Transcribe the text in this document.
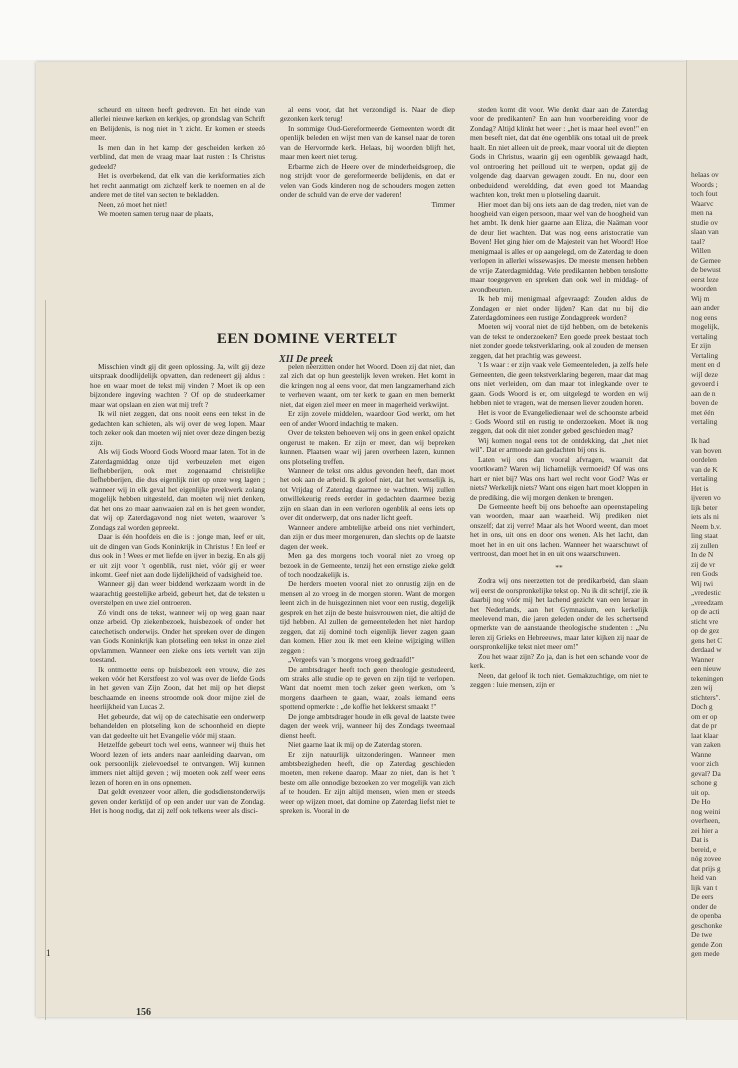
scheurd en uiteen heeft gedreven. En het einde van allerlei nieuwe kerken en kerkjes, op grondslag van Schrift en Belijdenis, is nog niet in 't zicht. Er komen er steeds meer.

Is men dan in het kamp der gescheiden kerken zó verblind, dat men de vraag maar laat rusten : Is Christus gedeeld?

Het is overbekend, dat elk van die kerkformaties zich het recht aanmatigt om zichzelf kerk te noemen en al de andere met de titel van secten te bekladden.

Neen, zó moet het niet!

We moeten samen terug naar de plaats,

al eens voor, dat het verzondigd is. Naar de diep gezonken kerk terug!

In sommige Oud-Gereformeerde Gemeenten wordt dit openlijk beleden en wijst men van de kansel naar de toren van de Hervormde kerk. Helaas, bij woorden blijft het, maar men keert niet terug.

Erbarme zich de Heere over de minderheidsgroep, die nog strijdt voor de gereformeerde belijdenis, en dat er velen van Gods kinderen nog de schouders mogen zetten onder de schuld van de erve der vaderen!

Timmer

EEN DOMINE VERTELT
XII De preek

Misschien vindt gij dit geen oplossing. Ja, wilt gij deze uitspraak doodlijdelijk opvatten, dan redeneert gij aldus : hoe en waar moet de tekst mij vinden ? Moet ik op een bijzondere ingeving wachten ? Of op de studeerkamer maar wat opslaan en zien wat mij treft ?

Ik wil niet zeggen, dat ons nooit eens een tekst in de gedachten kan schieten, als wij over de weg lopen. Maar toch zeker ook dan moeten wij niet over deze dingen bezig zijn.

Als wij Gods Woord Gods Woord maar laten. Tot in de Zaterdagmiddag onze tijd verbeuzelen met eigen liefhebberijen, ook met zogenaamd christelijke liefhebberijen, die dus eigenlijk niet op onze weg lagen ; wanneer wij in elk geval het eigenlijke preekwerk zolang mogelijk hebben uitgesteld, dan moeten wij niet denken, dat het ons zo maar aanwaaien zal en is het geen wonder, dat wij op Zaterdagavond nog niet weten, waarover 's Zondags zal worden gepreekt.

Daar is één hoofdeis en die is : jonge man, leef er uit, uit de dingen van Gods Koninkrijk in Christus ! En leef er dus ook in ! Wees er met liefde en ijver in bezig. En als gij er uit zijt voor 't ogenblik, rust niet, vóór gij er weer inkomt. Geef niet aan dode lijdelijkheid of vadsigheid toe.

Wanneer gij dan weer biddend werkzaam wordt in de waarachtig geestelijke arbeid, gebeurt het, dat de teksten u overstelpen en uwe ziel ontroeren.

Zó vindt ons de tekst, wanneer wij op weg gaan naar onze arbeid. Op ziekenbezoek, huisbezoek of onder het catechetisch onderwijs. Onder het spreken over de dingen van Gods Koninkrijk kan plotseling een tekst in onze ziel opvlammen. Wanneer een zieke ons iets vertelt van zijn toestand.

Ik ontmoette eens op huisbezoek een vrouw, die zes weken vóór het Kerstfeest zo vol was over de liefde Gods in het geven van Zijn Zoon, dat het mij op het diepst beschaamde en ineens stroomde ook door mijne ziel de heerlijkheid van Lucas 2.

Het gebeurde, dat wij op de catechisatie een onderwerp behandelden en plotseling kon de schoonheid en diepte van dat gedeelte uit het Evangelie vóór mij staan.

Hetzelfde gebeurt toch wel eens, wanneer wij thuis het Woord lezen of iets anders naar aanleiding daarvan, om ook persoonlijk zielevoedsel te ontvangen. Wij kunnen immers niet altijd geven ; wij moeten ook zelf weer eens lezen of horen en in ons opnemen.

Dat geldt evenzeer voor allen, die godsdienstonderwijs geven onder kerktijd of op een ander uur van de Zondag. Het is hoog nodig, dat zij zelf ook telkens weer als disci-

pelen neerzitten onder het Woord. Doen zij dat niet, dan zal zich dat op hun geestelijk leven wreken. Het komt in die kringen nog al eens voor, dat men langzamerhand zich te verheven waant, om ter kerk te gaan en men bemerkt niet, dat eigen ziel meer en meer in magerheid verkwijnt.

Er zijn zovele middelen, waardoor God werkt, om het een of ander Woord indachtig te maken.

Over de teksten behoeven wij ons in geen enkel opzicht ongerust te maken. Er zijn er meer, dan wij bepreken kunnen. Plaatsen waar wij jaren overheen lazen, kunnen ons plotseling treffen.

Wanneer de tekst ons aldus gevonden heeft, dan moet het ook aan de arbeid. Ik geloof niet, dat het wenselijk is, tot Vrijdag of Zaterdag daarmee te wachten. Wij zullen onwillekeurig reeds eerder in gedachten daarmee bezig zijn en slaan dan in een verloren ogenblik al eens iets op over dit onderwerp, dat ons nader licht geeft.

Wanneer andere ambtelijke arbeid ons niet verhindert, dan zijn er dus meer morgenuren, dan slechts op de laatste dagen der week.

Men ga des morgens toch vooral niet zo vroeg op bezoek in de Gemeente, tenzij het een ernstige zieke geldt of toch noodzakelijk is.

De herders moeten vooral niet zo onrustig zijn en de mensen al zo vroeg in de morgen storen. Want de morgen leent zich in de huisgezinnen niet voor een rustig, degelijk gesprek en het zijn de beste huisvrouwen niet, die altijd de tijd hebben. Al zullen de gemeenteleden het niet hardop zeggen, dat zij dominé toch eigenlijk liever zagen gaan dan komen. Hier zou ik met een kleine wijziging willen zeggen :

„Vergeefs van 's morgens vroeg gedraafd!"

De ambtsdrager heeft toch geen theologie gestudeerd, om straks alle studie op te geven en zijn tijd te verlopen. Want dat noemt men toch zeker geen werken, om 's morgens daarheen te gaan, waar, zoals iemand eens spottend opmerkte : „de koffie het lekkerst smaakt !"

De jonge ambtsdrager houde in elk geval de laatste twee dagen der week vrij, wanneer hij des Zondags tweemaal dienst heeft.

Niet gaarne laat ik mij op de Zaterdag storen.

Er zijn natuurlijk uitzonderingen. Wanneer men ambtsbezigheden heeft, die op Zaterdag geschieden moeten, men rekene daarop. Maar zo niet, dan is het 't beste om alle onnodige bezoeken zo ver mogelijk van zich af te houden. Er zijn altijd mensen, wien men er steeds weer op wijzen moet, dat domine op Zaterdag liefst niet te spreken is. Vooral in de

steden komt dit voor. Wie denkt daar aan de Zaterdag voor de predikanten? En aan hun voorbereiding voor de Zondag? Altijd klinkt het weer : „het is maar heel even!" en men beseft niet, dat dat éne ogenblik ons totaal uit de preek haalt. En niet alleen uit de preek, maar vooral uit de diepten Gods in Christus, waarin gij een ogenblik gewaagd hadt, vol ontroering het peilloud uit te werpen, opdat gij de volgende dag daarvan gewagen zoudt. En nu, door een onbeduidend wereldding, dat even goed tot Maandag wachten kon, trekt men u plotseling daaruit.

Hier moet dan bij ons iets aan de dag treden, niet van de hoogheid van eigen persoon, maar wel van de hoogheid van het ambt. Ik denk hier gaarne aan Eliza, die Naäman voor de deur liet wachten. Dat was nog eens aristocratie van Boven! Het ging hier om de Majesteit van het Woord! Hoe menigmaal is alles er op aangelegd, om de Zaterdag te doen verlopen in allerlei wissewasjes. De meeste mensen hebben de vrije Zaterdagmiddag. Vele predikanten hebben tenslotte maar toegegeven en spreken dan ook wel in middag- of avondbeurten.

Ik heb mij menigmaal afgevraagd: Zouden aldus de Zondagen er niet onder lijden? Kan dat nu bij die Zaterdagdominees een rustige Zondagpreek worden?

Moeten wij vooral niet de tijd hebben, om de betekenis van de tekst te onderzoeken? Een goede preek bestaat toch niet zonder goede tekstverklaring, ook al zouden de mensen zeggen, dat het prachtig was geweest.

't Is waar : er zijn vaak vele Gemeenteleden, ja zelfs hele Gemeenten, die geen tekstverklaring begeren, maar dat mag ons niet verleiden, om dan maar tot inlegkande over te gaan. Gods Woord is er, om uitgelegd te worden en wij hebben niet te vragen, wat de mensen liever zouden horen.

Het is voor de Evangeliedienaar wel de schoonste arbeid : Gods Woord stil en rustig te onderzoeken. Moet ik nog zeggen, dat ook dit niet zonder gebed geschieden mag?

Wij komen nogal eens tot de ontdekking, dat „het niet wil". Dat er armoede aan gedachten bij ons is.

Laten wij ons dan vooral afvragen, waaruit dat voortkwam? Waren wij lichamelijk vermoeid? Of was ons hart er niet bij? Was ons hart wel recht voor God? Was er niets? Werkelijk niets? Want ons eigen hart moet kloppen in de prediking, die wij morgen denken te brengen.

De Gemeente heeft bij ons behoefte aan opeenstapeling van woorden, maar aan waarheid. Wij prediken niet onszelf; dat zij verre! Maar als het Woord weent, dan moet het in ons, uit ons en door ons wenen. Als het lacht, dan moet het in en uit ons lachen. Wanneer het waarschuwt of vertroost, dan moet het in en uit ons waarschuwen.

**

Zodra wij ons neerzetten tot de predikarbeid, dan slaan wij eerst de oorspronkelijke tekst op. Nu ik dit schrijf, zie ik daarbij nog vóór mij het lachend gezicht van een leraar in het Nederlands, aan het Gymnasium, een kerkelijk meelevend man, die jaren geleden onder de les schertsend opmerkte van de aanstaande theologische studenten : „Nu leren zij Grieks en Hebreeuws, maar later kijken zij naar de oorspronkelijke tekst niet meer om!"

Zou het waar zijn? Zo ja, dan is het een schande voor de kerk.

Neen, dat geloof ik toch niet. Gemakzuchtige, om niet te zeggen : luie mensen, zijn er

156
1
helaas ov
Woords ;
toch fout
Waarvc
men na
studie ov
slaan van
taal?
Willen
de Gemee
de bewust
eerst leze
woorden
Wij m
aan ander
nog eens
mogelijk,
vertaling
Er zijn
Vertaling
ment en d
wijl deze
gevoerd i
aan de n
boven de
met één
vertaling

Ik had
van boven
oordelen
van de K
vertaling
Het is
ijveren vo
lijk beter
iets als ni
Neem b.v.
ling staat
zij zullen
In de N
zij de vr
ren Gods
Wij twi
„vredestic
„vreedzam
op de acti
sticht vre
op de gez
gens het C
derdaad w
Wanner
een nieuw
tekeningen
zen wij
stichters".
Doch g
om er op
dat de pr
laat klaar
van zaken
Wanne
voor zich
geval? Da
schone g
uit op.
De Ho
nog weini
overheen,
zei hier a
Dat is
bereid, e
nóg zovee
dat prijs g
heid van
lijk van t
De eers
onder de
de openba
geschonke
De twe
gende Zon
gen mede
